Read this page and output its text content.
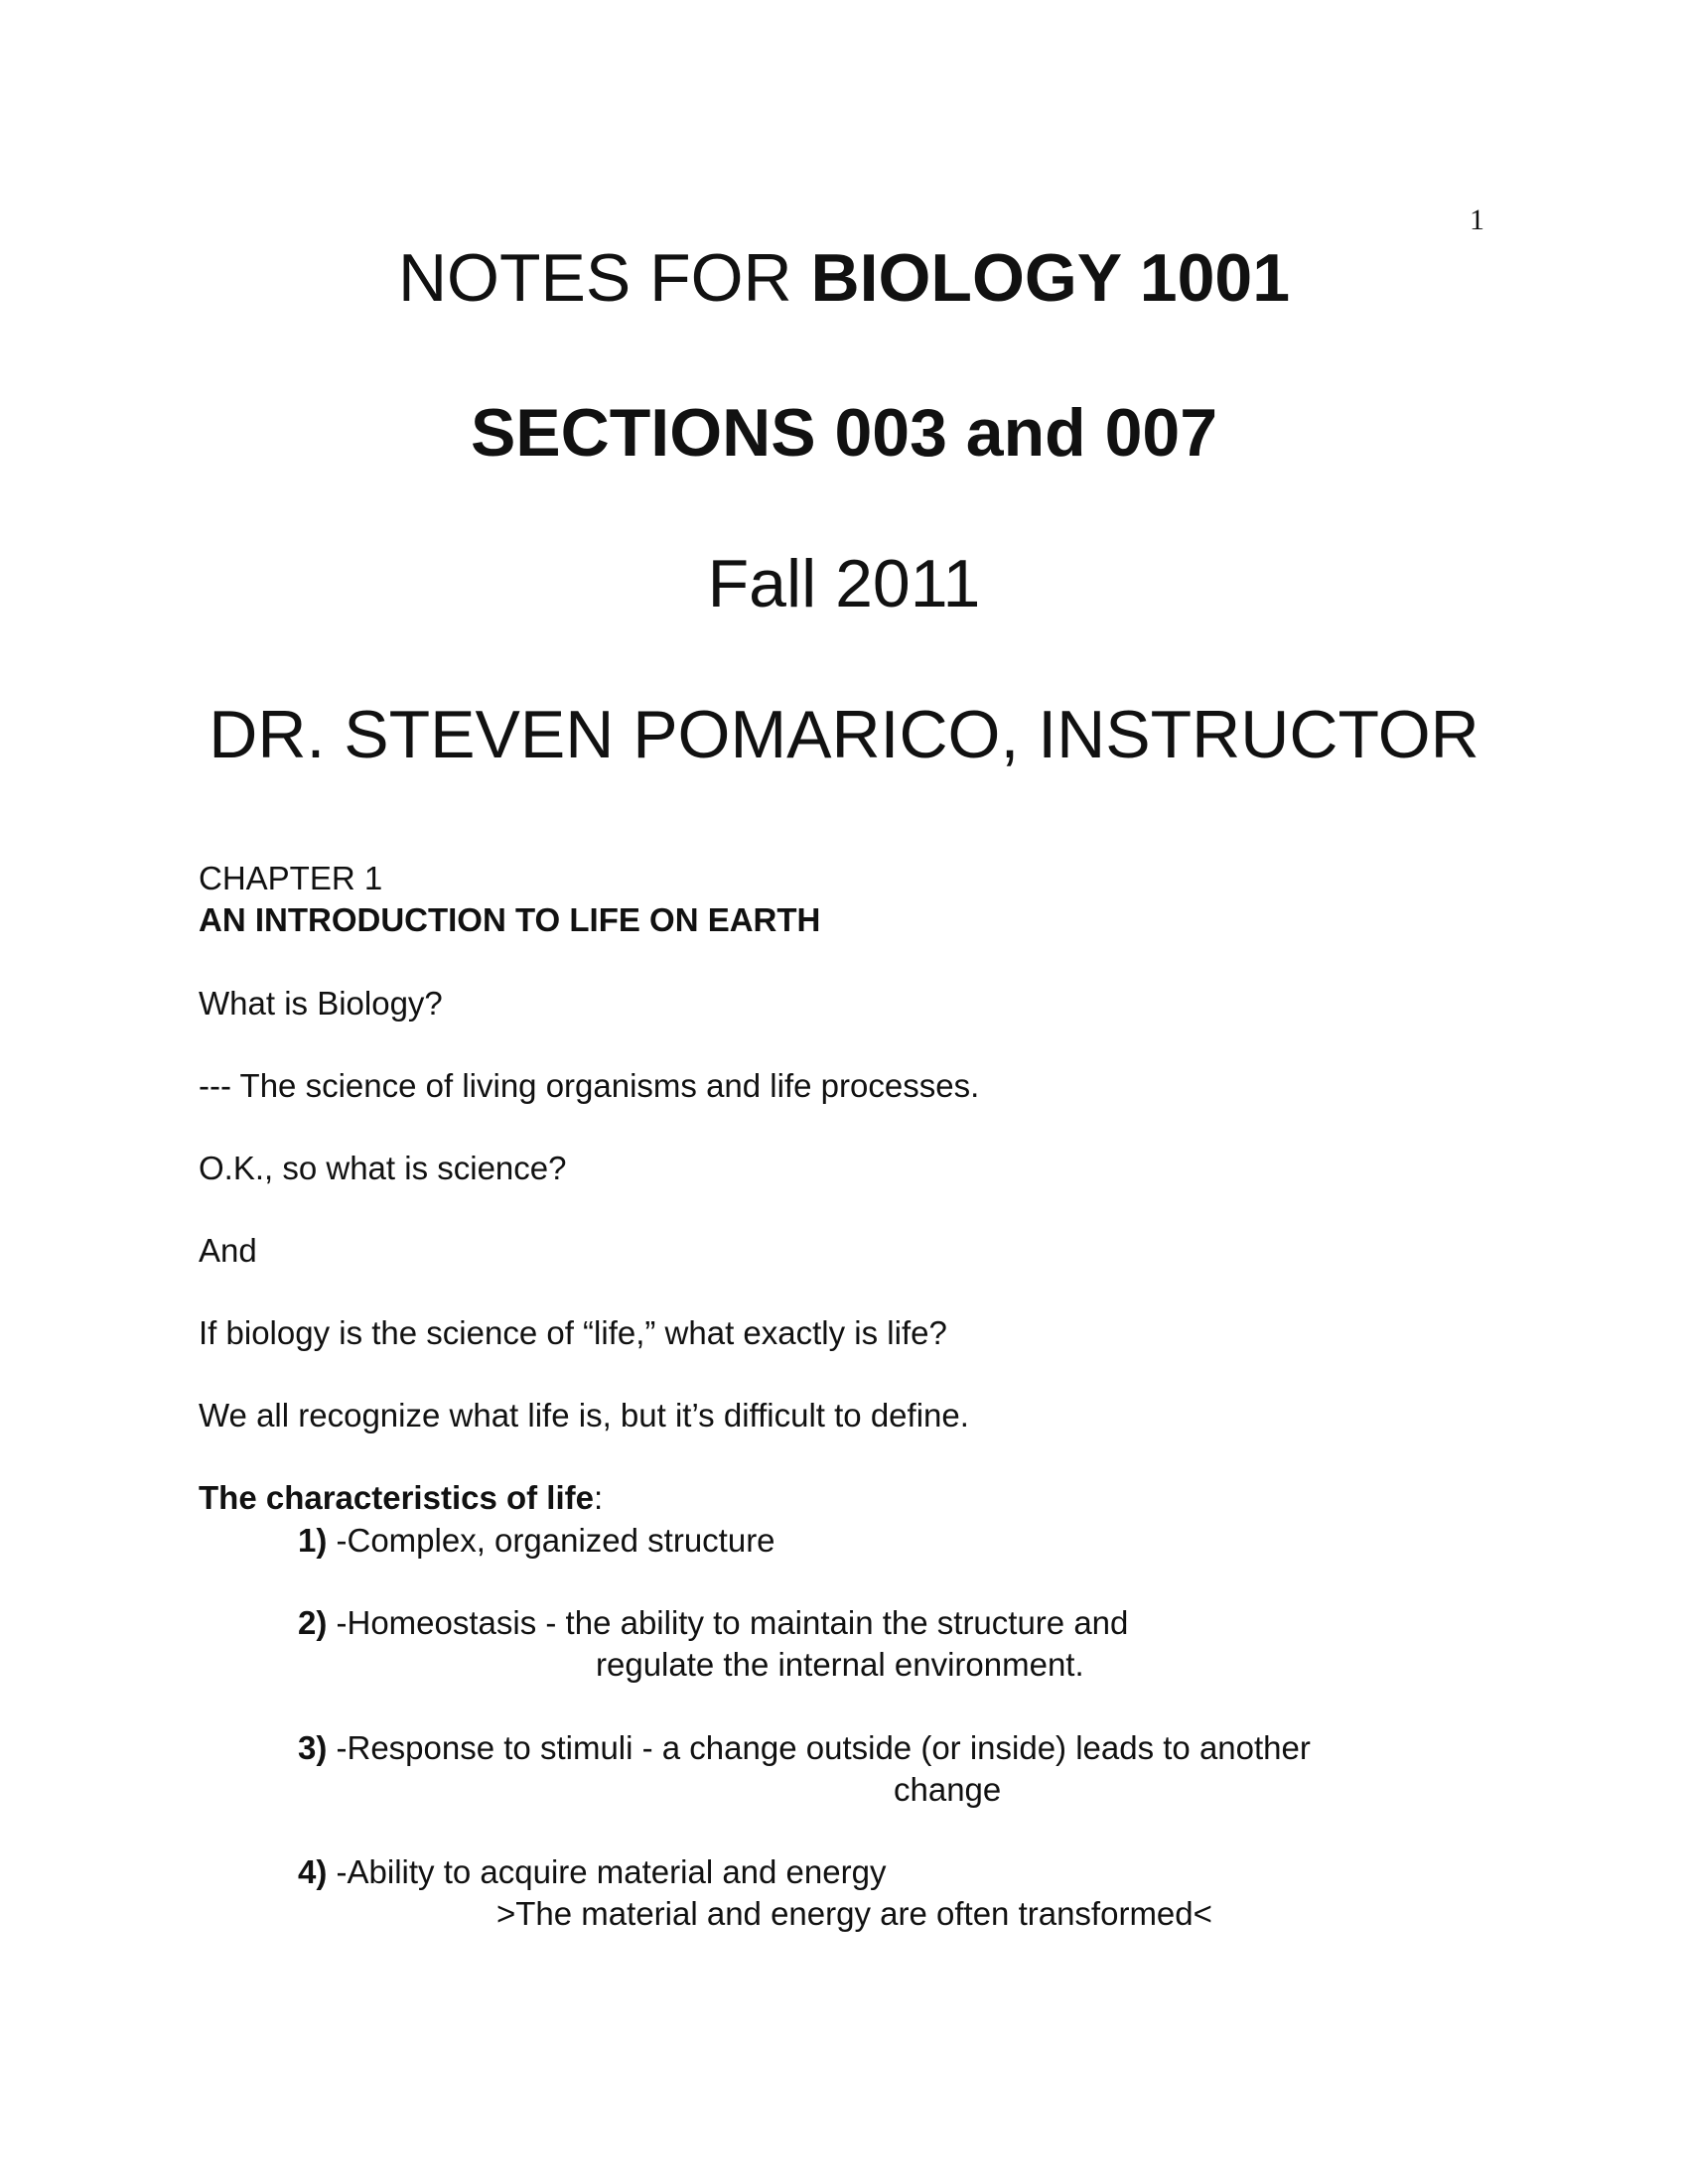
1
NOTES FOR BIOLOGY 1001
SECTIONS 003 and 007
Fall 2011
DR. STEVEN POMARICO, INSTRUCTOR
CHAPTER 1
AN INTRODUCTION TO LIFE ON EARTH
What is Biology?
--- The science of living organisms and life processes.
O.K., so what is science?
And
If biology is the science of “life,” what exactly is life?
We all recognize what life is, but it’s difficult to define.
The characteristics of life:
1) -Complex, organized structure
2) -Homeostasis - the ability to maintain the structure and
regulate the internal environment.
3) -Response to stimuli - a change outside (or inside) leads to another
change
4) -Ability to acquire material and energy
>The material and energy are often transformed<
